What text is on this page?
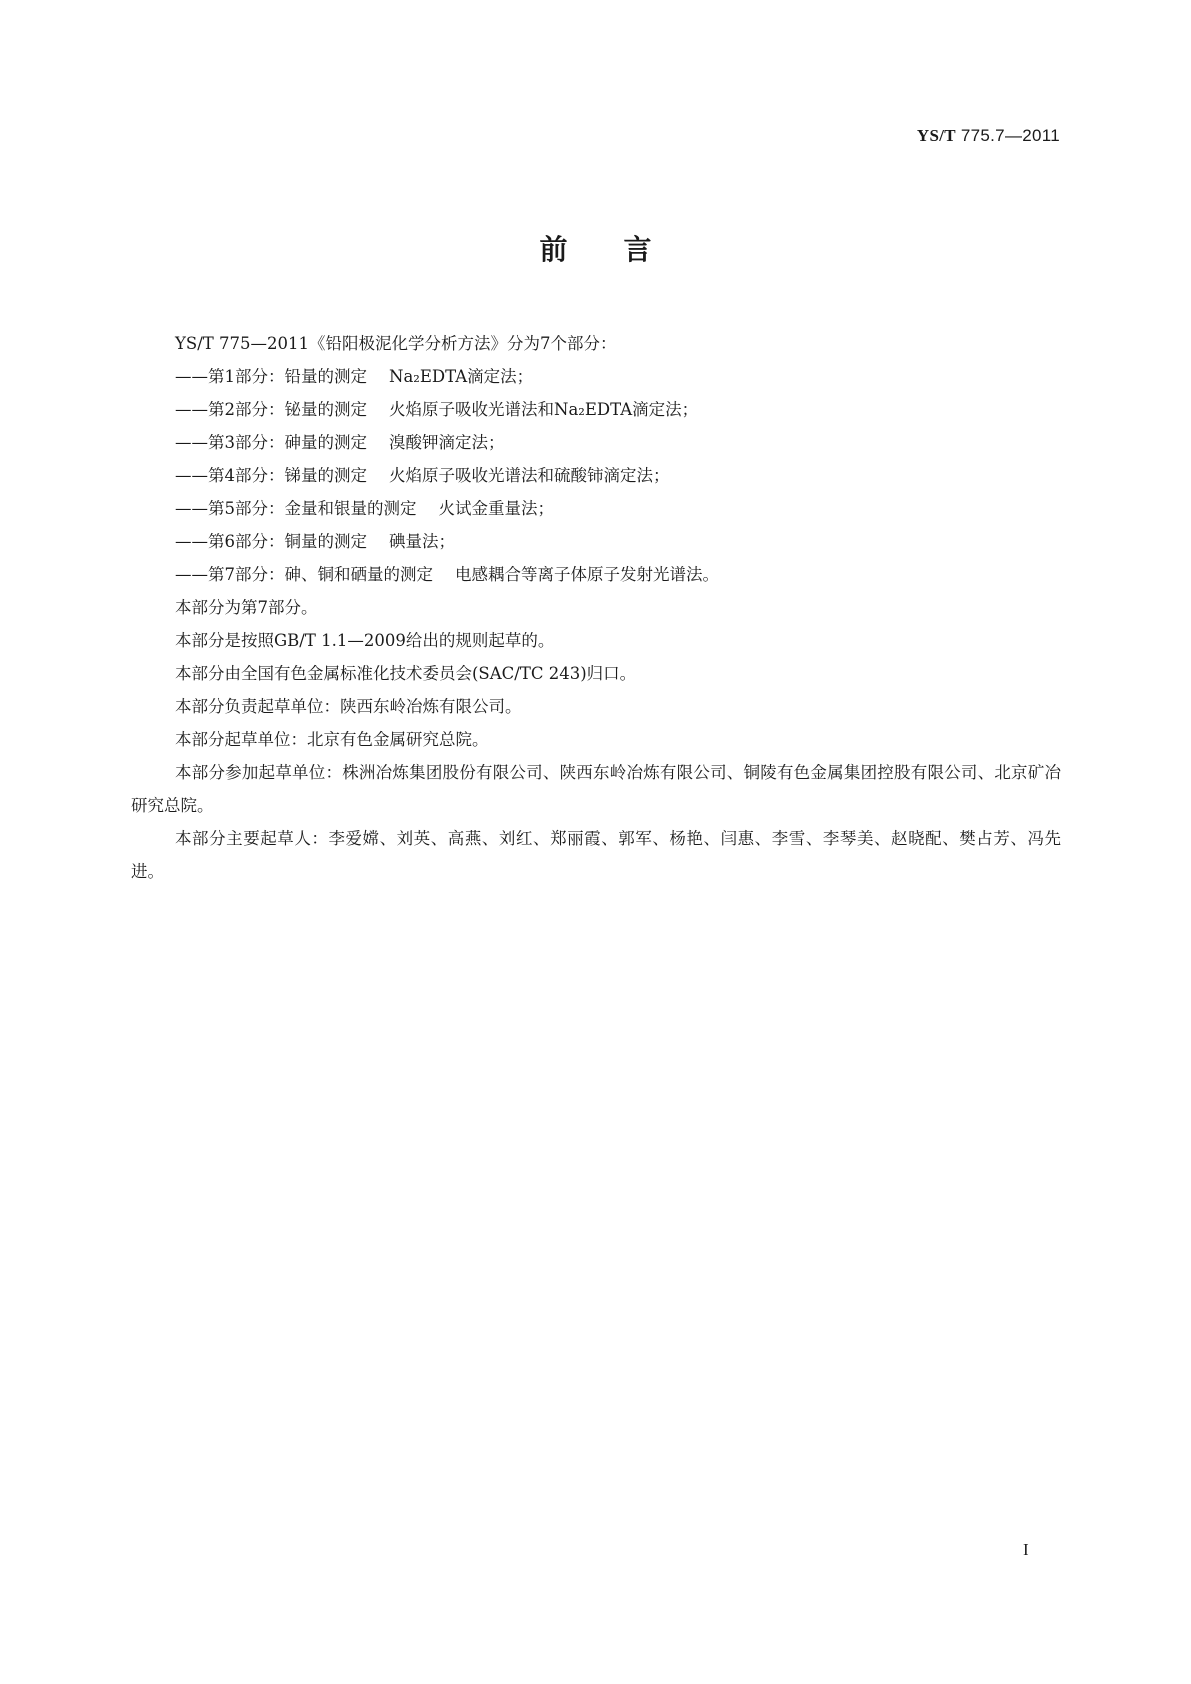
YS/T 775.7—2011
前言

YS/T 775—2011《铅阳极泥化学分析方法》分为7个部分：

——第1部分：铅量的测定 Na₂EDTA滴定法；

——第2部分：铋量的测定 火焰原子吸收光谱法和Na₂EDTA滴定法；

——第3部分：砷量的测定 溴酸钾滴定法；

——第4部分：锑量的测定 火焰原子吸收光谱法和硫酸铈滴定法；

——第5部分：金量和银量的测定 火试金重量法；

——第6部分：铜量的测定 碘量法；

——第7部分：砷、铜和硒量的测定 电感耦合等离子体原子发射光谱法。

本部分为第7部分。

本部分是按照GB/T 1.1—2009给出的规则起草的。

本部分由全国有色金属标准化技术委员会(SAC/TC 243)归口。

本部分负责起草单位：陕西东岭冶炼有限公司。

本部分起草单位：北京有色金属研究总院。

本部分参加起草单位：株洲冶炼集团股份有限公司、陕西东岭冶炼有限公司、铜陵有色金属集团控股有限公司、北京矿冶研究总院。

本部分主要起草人：李爱嫦、刘英、高燕、刘红、郑丽霞、郭军、杨艳、闫惠、李雪、李琴美、赵晓配、樊占芳、冯先进。

I
